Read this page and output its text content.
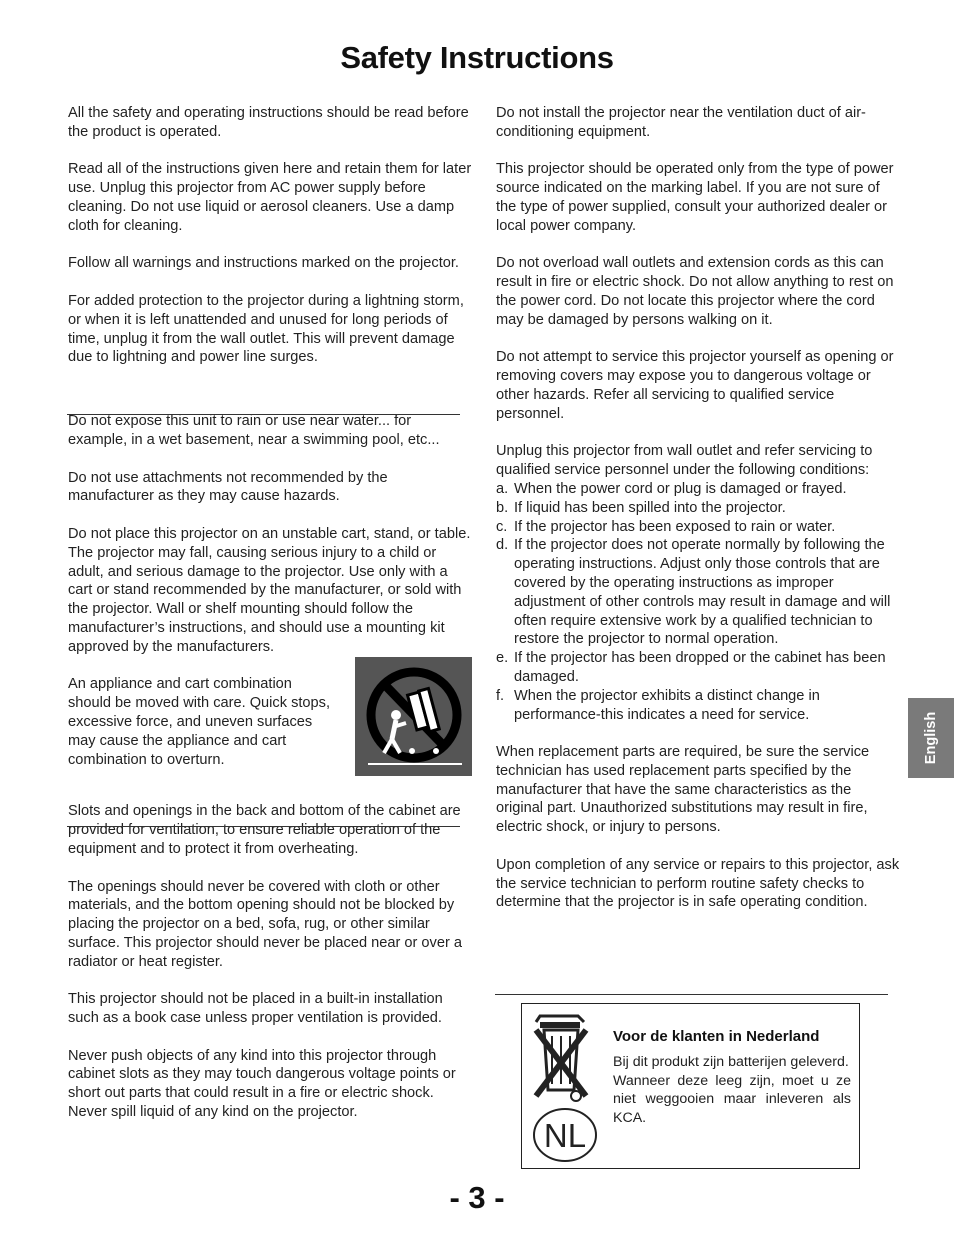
Safety Instructions

All the safety and operating instructions should be read before the product is operated.

Read all of the instructions given here and retain them for later use. Unplug this projector from AC power supply before cleaning. Do not use liquid or aerosol cleaners. Use a damp cloth for cleaning.

Follow all warnings and instructions marked on the projector.

For added protection to the projector during a lightning storm, or when it is left unattended and unused for long periods of time, unplug it from the wall outlet. This will prevent damage due to lightning and power line surges.

Do not expose this unit to rain or use near water... for example, in a wet basement, near a swimming pool, etc...

Do not use attachments not recommended by the manufacturer as they may cause hazards.

Do not place this projector on an unstable cart, stand, or table. The projector may fall, causing serious injury to a child or adult, and serious damage to the projector. Use only with a cart or stand recommended by the manufacturer, or sold with the projector. Wall or shelf mounting should follow the manufacturer’s instructions, and should use a mounting kit approved by the manufacturers.

An appliance and cart combination should be moved with care. Quick stops, excessive force, and uneven surfaces may cause the appliance and cart combination to overturn.

Slots and openings in the back and bottom of the cabinet are provided for ventilation, to ensure reliable operation of the equipment and to protect it from overheating.

The openings should never be covered with cloth or other materials, and the bottom opening should not be blocked by placing the projector on a bed, sofa, rug, or other similar surface. This projector should never be placed near or over a radiator or heat register.

This projector should not be placed in a built-in installation such as a book case unless proper ventilation is provided.

Never push objects of any kind into this projector through cabinet slots as they may touch dangerous voltage points or short out parts that could result in a fire or electric shock. Never spill liquid of any kind on the projector.

Do not install the projector near the ventilation duct of air-conditioning equipment.

This projector should be operated only from the type of power source indicated on the marking label. If you are not sure of the type of power supplied, consult your authorized dealer or local power company.

Do not overload wall outlets and extension cords as this can result in fire or electric shock. Do not allow anything to rest on the power cord. Do not locate this projector where the cord may be damaged by persons walking on it.

Do not attempt to service this projector yourself as opening or removing covers may expose you to dangerous voltage or other hazards. Refer all servicing to qualified service personnel.

Unplug this projector from wall outlet and refer servicing to qualified service personnel under the following conditions:
a. When the power cord or plug is damaged or frayed.
b. If liquid has been spilled into the projector.
c. If the projector has been exposed to rain or water.
d. If the projector does not operate normally by following the operating instructions. Adjust only those controls that are covered by the operating instructions as improper adjustment of other controls may result in damage and will often require extensive work by a qualified technician to restore the projector to normal operation.
e. If the projector has been dropped or the cabinet has been damaged.
f. When the projector exhibits a distinct change in performance-this indicates a need for service.

When replacement parts are required, be sure the service technician has used replacement parts specified by the manufacturer that have the same characteristics as the original part. Unauthorized substitutions may result in fire, electric shock, or injury to persons.

Upon completion of any service or repairs to this projector, ask the service technician to perform routine safety checks to determine that the projector is in safe operating condition.

NL
Voor de klanten in Nederland

Bij dit produkt zijn batterijen geleverd.

Wanneer deze leeg zijn, moet u ze niet weggooien maar inleveren als KCA.

English
- 3 -
